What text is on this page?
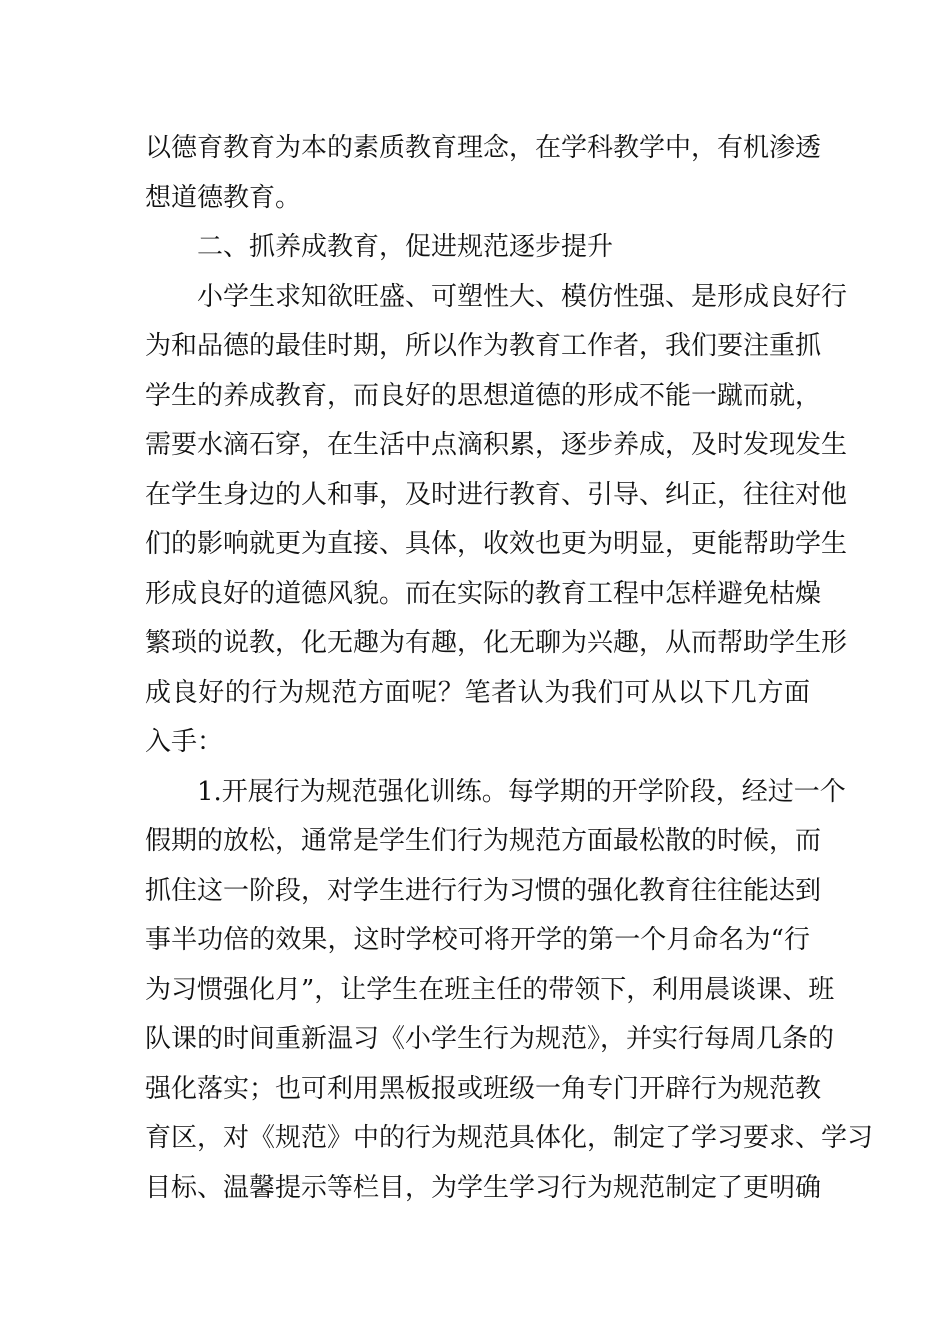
以德育教育为本的素质教育理念，在学科教学中，有机渗透
想道德教育。
二、抓养成教育，促进规范逐步提升
小学生求知欲旺盛、可塑性大、模仿性强、是形成良好行
为和品德的最佳时期，所以作为教育工作者，我们要注重抓
学生的养成教育，而良好的思想道德的形成不能一蹴而就，
需要水滴石穿，在生活中点滴积累，逐步养成，及时发现发生
在学生身边的人和事，及时进行教育、引导、纠正，往往对他
们的影响就更为直接、具体，收效也更为明显，更能帮助学生
形成良好的道德风貌。而在实际的教育工程中怎样避免枯燥
繁琐的说教，化无趣为有趣，化无聊为兴趣，从而帮助学生形
成良好的行为规范方面呢？笔者认为我们可从以下几方面
入手：
1.开展行为规范强化训练。每学期的开学阶段，经过一个
假期的放松，通常是学生们行为规范方面最松散的时候，而
抓住这一阶段，对学生进行行为习惯的强化教育往往能达到
事半功倍的效果，这时学校可将开学的第一个月命名为“行
为习惯强化月”，让学生在班主任的带领下，利用晨谈课、班
队课的时间重新温习《小学生行为规范》，并实行每周几条的
强化落实；也可利用黑板报或班级一角专门开辟行为规范教
育区，对《规范》中的行为规范具体化，制定了学习要求、学习
目标、温馨提示等栏目，为学生学习行为规范制定了更明确
